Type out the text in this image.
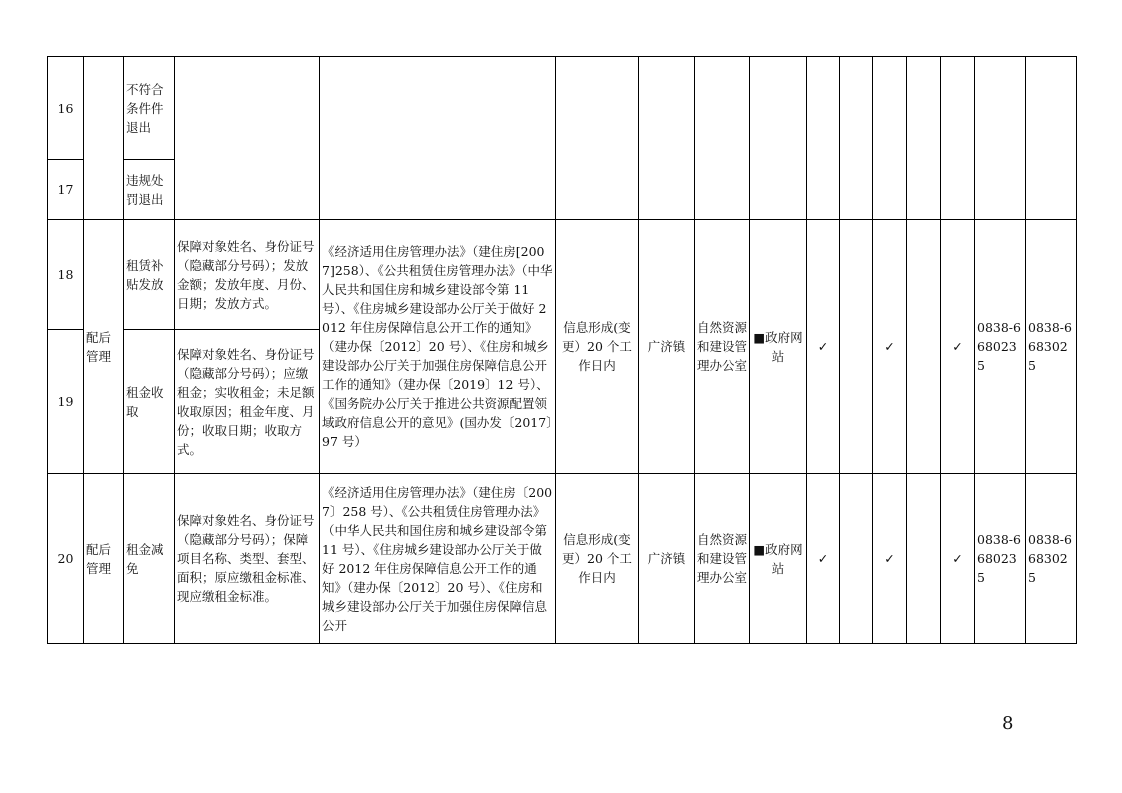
16		不符合条件件退出													
17		违规处罚退出													
18	配后管理	租赁补贴发放	保障对象姓名、身份证号（隐藏部分号码）；发放金额；发放年度、月份、日期；发放方式。	《经济适用住房管理办法》（建住房[2007]258）、《公共租赁住房管理办法》（中华人民共和国住房和城乡建设部令第 11 号）、《住房城乡建设部办公厅关于做好 2012 年住房保障信息公开工作的通知》（建办保〔2012〕20 号）、《住房和城乡建设部办公厅关于加强住房保障信息公开工作的通知》（建办保〔2019〕12 号）、《国务院办公厅关于推进公共资源配置领域政府信息公开的意见》(国办发〔2017〕97 号）	信息形成(变更）20 个工作日内	广济镇	自然资源和建设管理办公室	■政府网站	✓		✓		✓	0838-6680235	0838-6683025
19		租金收取	保障对象姓名、身份证号（隐藏部分号码）；应缴租金；实收租金；未足额收取原因；租金年度、月份；收取日期；收取方式。												
20	配后管理	租金减免	保障对象姓名、身份证号（隐藏部分号码）；保障项目名称、类型、套型、面积；原应缴租金标准、现应缴租金标准。	《经济适用住房管理办法》（建住房〔2007〕258 号）、《公共租赁住房管理办法》（中华人民共和国住房和城乡建设部令第 11 号）、《住房城乡建设部办公厅关于做好 2012 年住房保障信息公开工作的通知》（建办保〔2012〕20 号）、《住房和城乡建设部办公厅关于加强住房保障信息公开	信息形成(变更）20 个工作日内	广济镇	自然资源和建设管理办公室	■政府网站	✓		✓		✓	0838-6680235	0838-6683025
8
